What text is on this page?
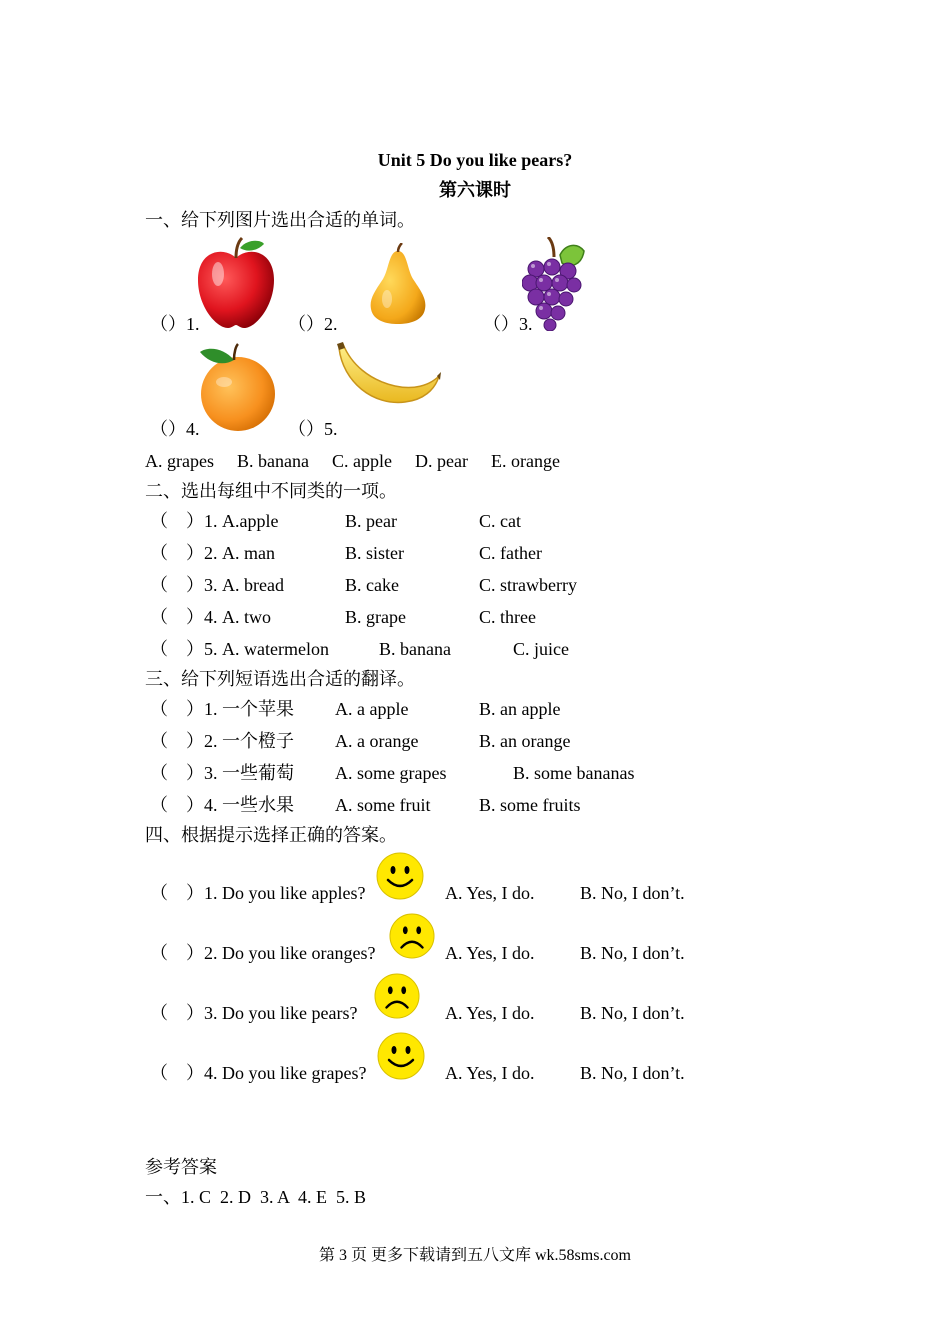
Unit 5 Do you like pears?
第六课时
一、给下列图片选出合适的单词。
（）1.	（）2.	（）3.
（）4.	（）5.
A. grapes B. banana C. apple D. pear E. orange
二、选出每组中不同类的一项。
（　）1. A.apple	B. pear	C. cat
（　）2. A. man	B. sister	C. father
（　）3. A. bread	B. cake	C. strawberry
（　）4. A. two	B. grape	C. three
（　）5. A. watermelon	B. banana	C. juice
三、给下列短语选出合适的翻译。
（　）1. 一个苹果 A. a apple	B. an apple
（　）2. 一个橙子 A. a orange	B. an orange
（　）3. 一些葡萄 A. some grapes	B. some bananas
（　）4. 一些水果 A. some fruit	B. some fruits
四、根据提示选择正确的答案。
（　）1. Do you like apples?	A. Yes, I do.	B. No, I don’t.
（　）2. Do you like oranges?	A. Yes, I do.	B. No, I don’t.
（　）3. Do you like pears?	A. Yes, I do.	B. No, I don’t.
（　）4. Do you like grapes?	A. Yes, I do.	B. No, I don’t.
参考答案
一、1. C  2. D  3. A  4. E  5. B
第 3 页 更多下载请到五八文库 wk.58sms.com
